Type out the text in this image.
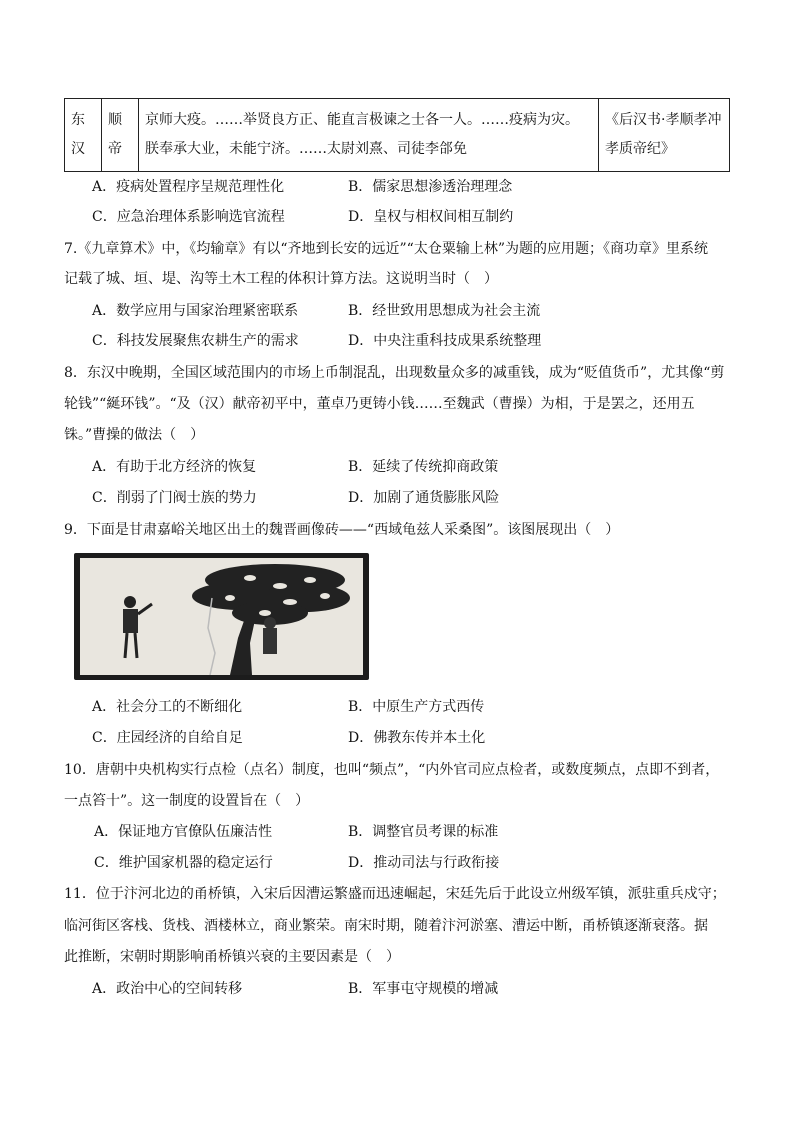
东汉	顺帝	京师大疫。……举贤良方正、能直言极谏之士各一人。……疫病为灾。朕奉承大业，未能宁济。……太尉刘熹、司徒李郃免	《后汉书·孝顺孝冲孝质帝纪》
A．疫病处置程序呈规范理性化	B．儒家思想渗透治理理念
C．应急治理体系影响选官流程	D．皇权与相权间相互制约
7.《九章算术》中，《均输章》有以“齐地到长安的远近”“太仓粟输上林”为题的应用题；《商功章》里系统
记载了城、垣、堤、沟等土木工程的体积计算方法。这说明当时（　）
A．数学应用与国家治理紧密联系	B．经世致用思想成为社会主流
C．科技发展聚焦农耕生产的需求	D．中央注重科技成果系统整理
8．东汉中晚期，全国区域范围内的市场上币制混乱，出现数量众多的减重钱，成为“贬值货币”，尤其像“剪
轮钱”“綖环钱”。“及（汉）献帝初平中，董卓乃更铸小钱……至魏武（曹操）为相，于是罢之，还用五
铢。”曹操的做法（　）
A．有助于北方经济的恢复	B．延续了传统抑商政策
C．削弱了门阀士族的势力	D．加剧了通货膨胀风险
9．下面是甘肃嘉峪关地区出土的魏晋画像砖——“西域龟兹人采桑图”。该图展现出（　）
A．社会分工的不断细化	B．中原生产方式西传
C．庄园经济的自给自足	D．佛教东传并本土化
10．唐朝中央机构实行点检（点名）制度，也叫“频点”，“内外官司应点检者，或数度频点，点即不到者，
一点笞十”。这一制度的设置旨在（　）
A．保证地方官僚队伍廉洁性	B．调整官员考课的标准
C．维护国家机器的稳定运行	D．推动司法与行政衔接
11．位于汴河北边的甬桥镇，入宋后因漕运繁盛而迅速崛起，宋廷先后于此设立州级军镇，派驻重兵戍守；
临河街区客栈、货栈、酒楼林立，商业繁荣。南宋时期，随着汴河淤塞、漕运中断，甬桥镇逐渐衰落。据
此推断，宋朝时期影响甬桥镇兴衰的主要因素是（　）
A．政治中心的空间转移	B．军事屯守规模的增减
